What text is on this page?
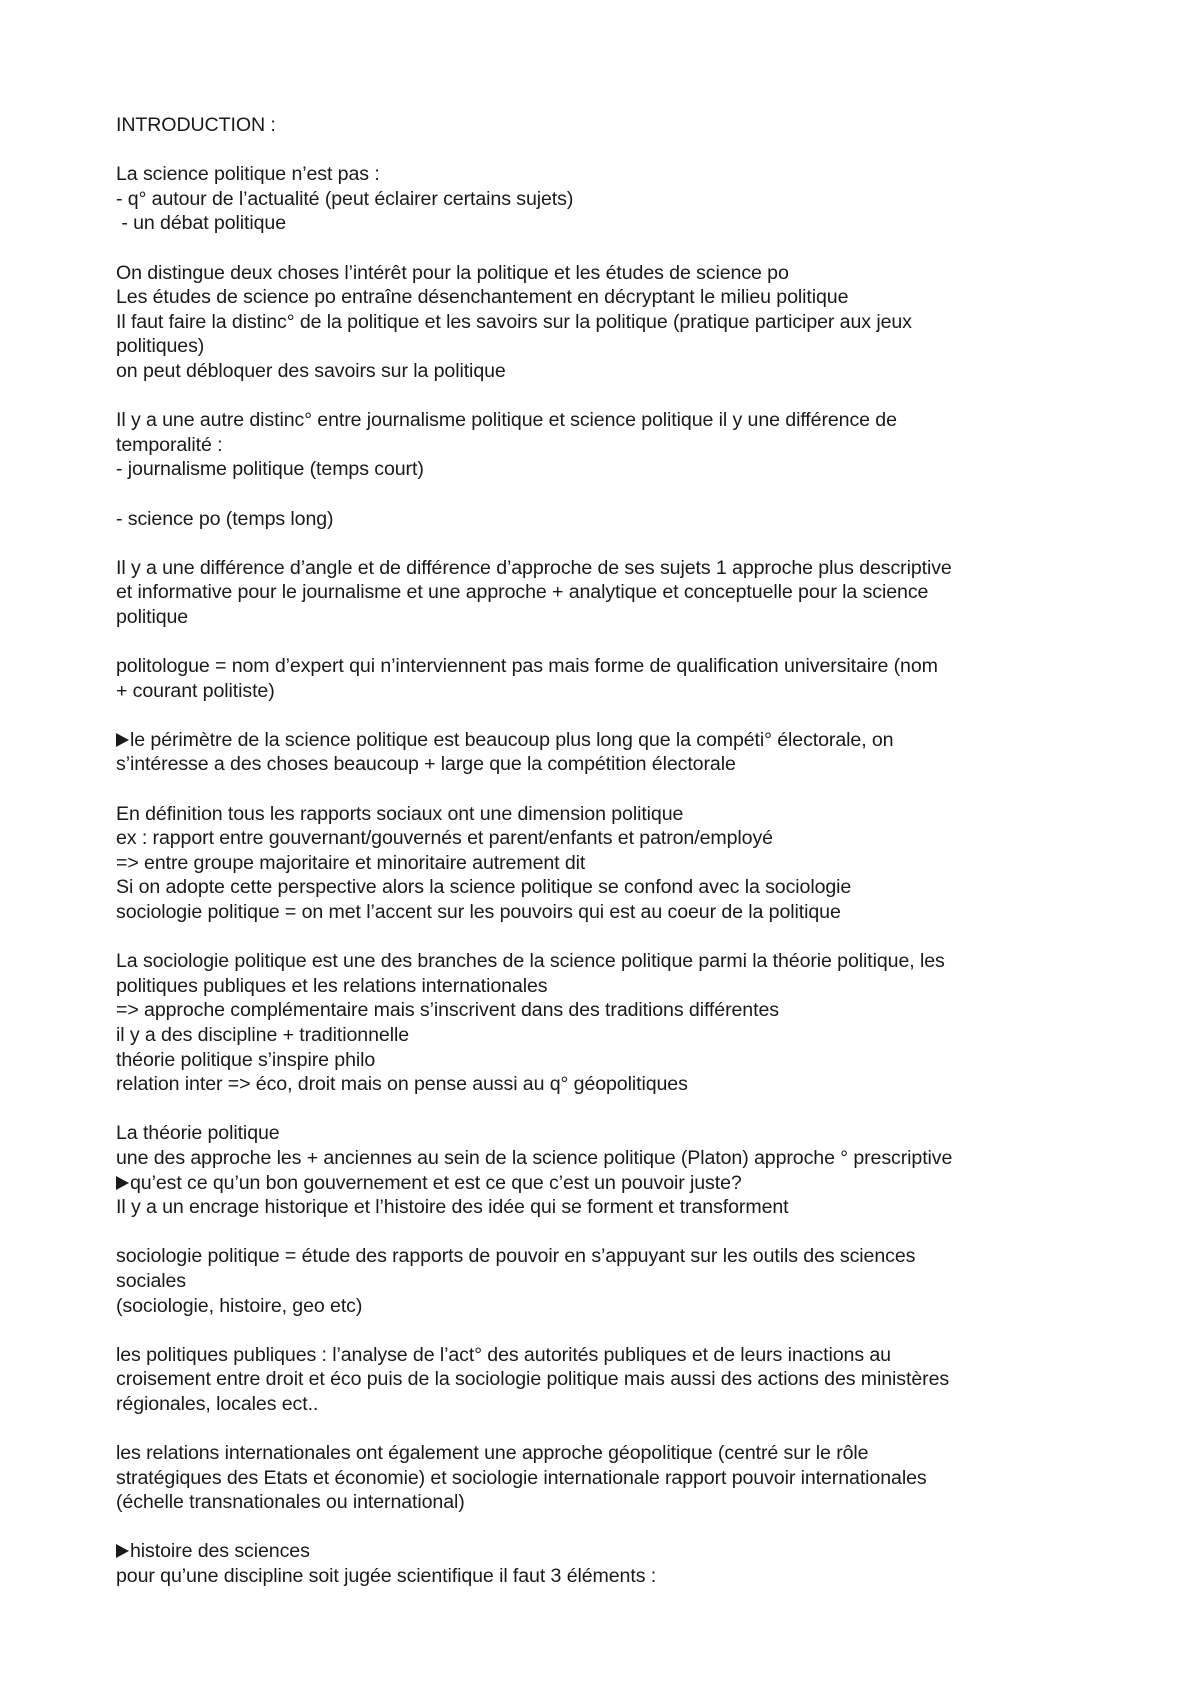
INTRODUCTION :
La science politique n’est pas :
- q° autour de l’actualité (peut éclairer certains sujets)
- un débat politique
On distingue deux choses l’intérêt pour la politique et les études de science po
Les études de science po entraîne désenchantement en décryptant le milieu politique
Il faut faire la distinc° de la politique et les savoirs sur la politique (pratique participer aux jeux
politiques)
on peut débloquer des savoirs sur la politique
Il y a une autre distinc° entre journalisme politique et science politique il y une différence de
temporalité :
- journalisme politique (temps court)
- science po (temps long)
Il y a une différence d’angle et de différence d’approche de ses sujets 1 approche plus descriptive
et informative pour le journalisme et une approche + analytique et conceptuelle pour la science
politique
politologue = nom d’expert qui n’interviennent pas mais forme de qualification universitaire (nom
+ courant politiste)
le périmètre de la science politique est beaucoup plus long que la compéti° électorale, on
s’intéresse a des choses beaucoup + large que la compétition électorale
En définition tous les rapports sociaux ont une dimension politique
ex : rapport entre gouvernant/gouvernés et parent/enfants et patron/employé
=> entre groupe majoritaire et minoritaire autrement dit
Si on adopte cette perspective alors la science politique se confond avec la sociologie
sociologie politique = on met l’accent sur les pouvoirs qui est au coeur de la politique
La sociologie politique est une des branches de la science politique parmi la théorie politique, les
politiques publiques et les relations internationales
=> approche complémentaire mais s’inscrivent dans des traditions différentes
il y a des discipline + traditionnelle
théorie politique s’inspire philo
relation inter => éco, droit mais on pense aussi au q° géopolitiques
La théorie politique
une des approche les + anciennes au sein de la science politique (Platon) approche ° prescriptive
qu’est ce qu’un bon gouvernement et est ce que c’est un pouvoir juste?
Il y a un encrage historique et l’histoire des idée qui se forment et transforment
sociologie politique = étude des rapports de pouvoir en s’appuyant sur les outils des sciences
sociales
(sociologie, histoire, geo etc)
les politiques publiques : l’analyse de l’act° des autorités publiques et de leurs inactions au
croisement entre droit et éco puis de la sociologie politique mais aussi des actions des ministères
régionales, locales ect..
les relations internationales ont également une approche géopolitique (centré sur le rôle
stratégiques des Etats et économie) et sociologie internationale rapport pouvoir internationales
(échelle transnationales ou international)
histoire des sciences
pour qu’une discipline soit jugée scientifique il faut 3 éléments :
